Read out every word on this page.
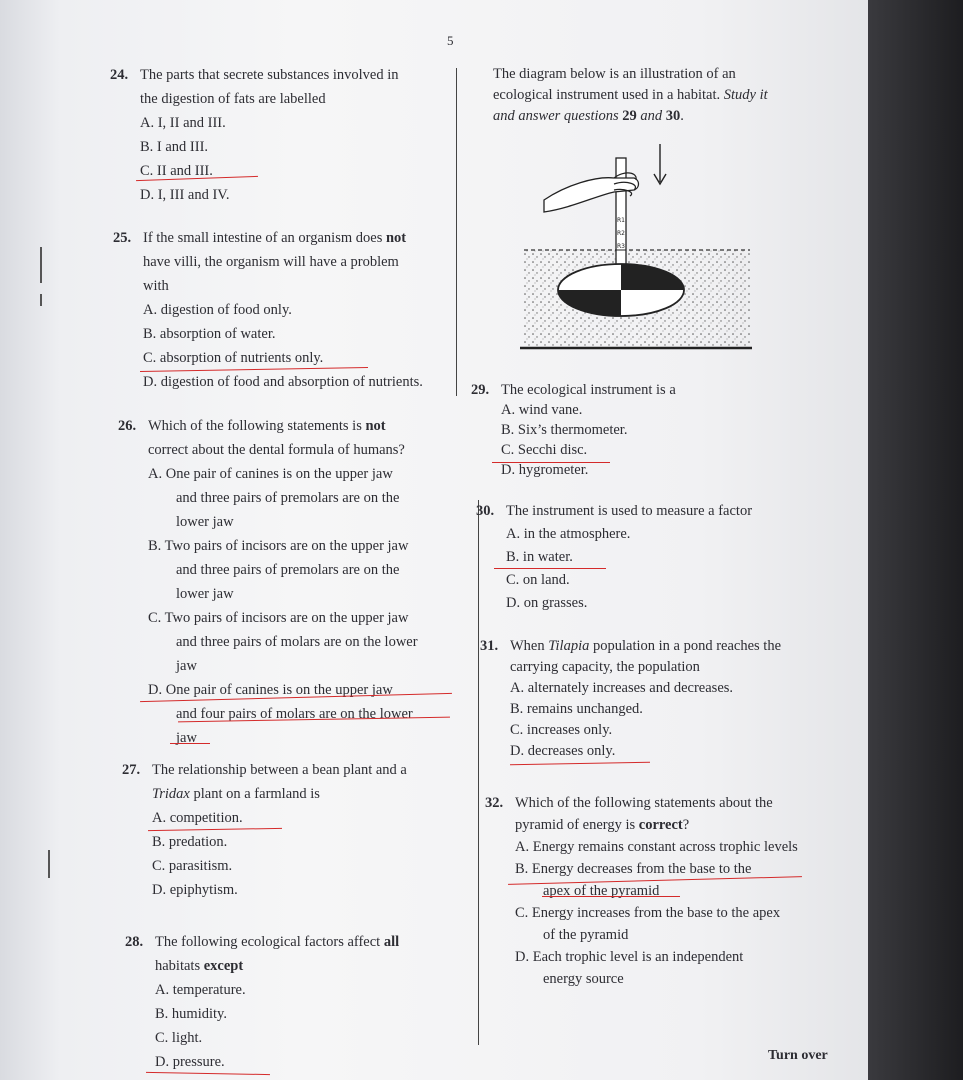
5
24. The parts that secrete substances involved in
the digestion of fats are labelled
A. I, II and III.
B. I and III.
C. II and III.
D. I, III and IV.
25. If the small intestine of an organism does not
have villi, the organism will have a problem
with
A. digestion of food only.
B. absorption of water.
C. absorption of nutrients only.
D. digestion of food and absorption of nutrients.
26. Which of the following statements is not
correct about the dental formula of humans?
A. One pair of canines is on the upper jaw
and three pairs of premolars are on the
lower jaw
B. Two pairs of incisors are on the upper jaw
and three pairs of premolars are on the
lower jaw
C. Two pairs of incisors are on the upper jaw
and three pairs of molars are on the lower
jaw
D. One pair of canines is on the upper jaw
and four pairs of molars are on the lower
jaw
27. The relationship between a bean plant and a
Tridax plant on a farmland is
A. competition.
B. predation.
C. parasitism.
D. epiphytism.
28. The following ecological factors affect all
habitats except
A. temperature.
B. humidity.
C. light.
D. pressure.
The diagram below is an illustration of an
ecological instrument used in a habitat. Study it
and answer questions 29 and 30.
R1
R2
R3
29. The ecological instrument is a
A. wind vane.
B. Six’s thermometer.
C. Secchi disc.
D. hygrometer.
30. The instrument is used to measure a factor
A. in the atmosphere.
B. in water.
C. on land.
D. on grasses.
31. When Tilapia population in a pond reaches the
carrying capacity, the population
A. alternately increases and decreases.
B. remains unchanged.
C. increases only.
D. decreases only.
32. Which of the following statements about the
pyramid of energy is correct?
A. Energy remains constant across trophic levels
B. Energy decreases from the base to the
apex of the pyramid
C. Energy increases from the base to the apex
of the pyramid
D. Each trophic level is an independent
energy source
Turn over
